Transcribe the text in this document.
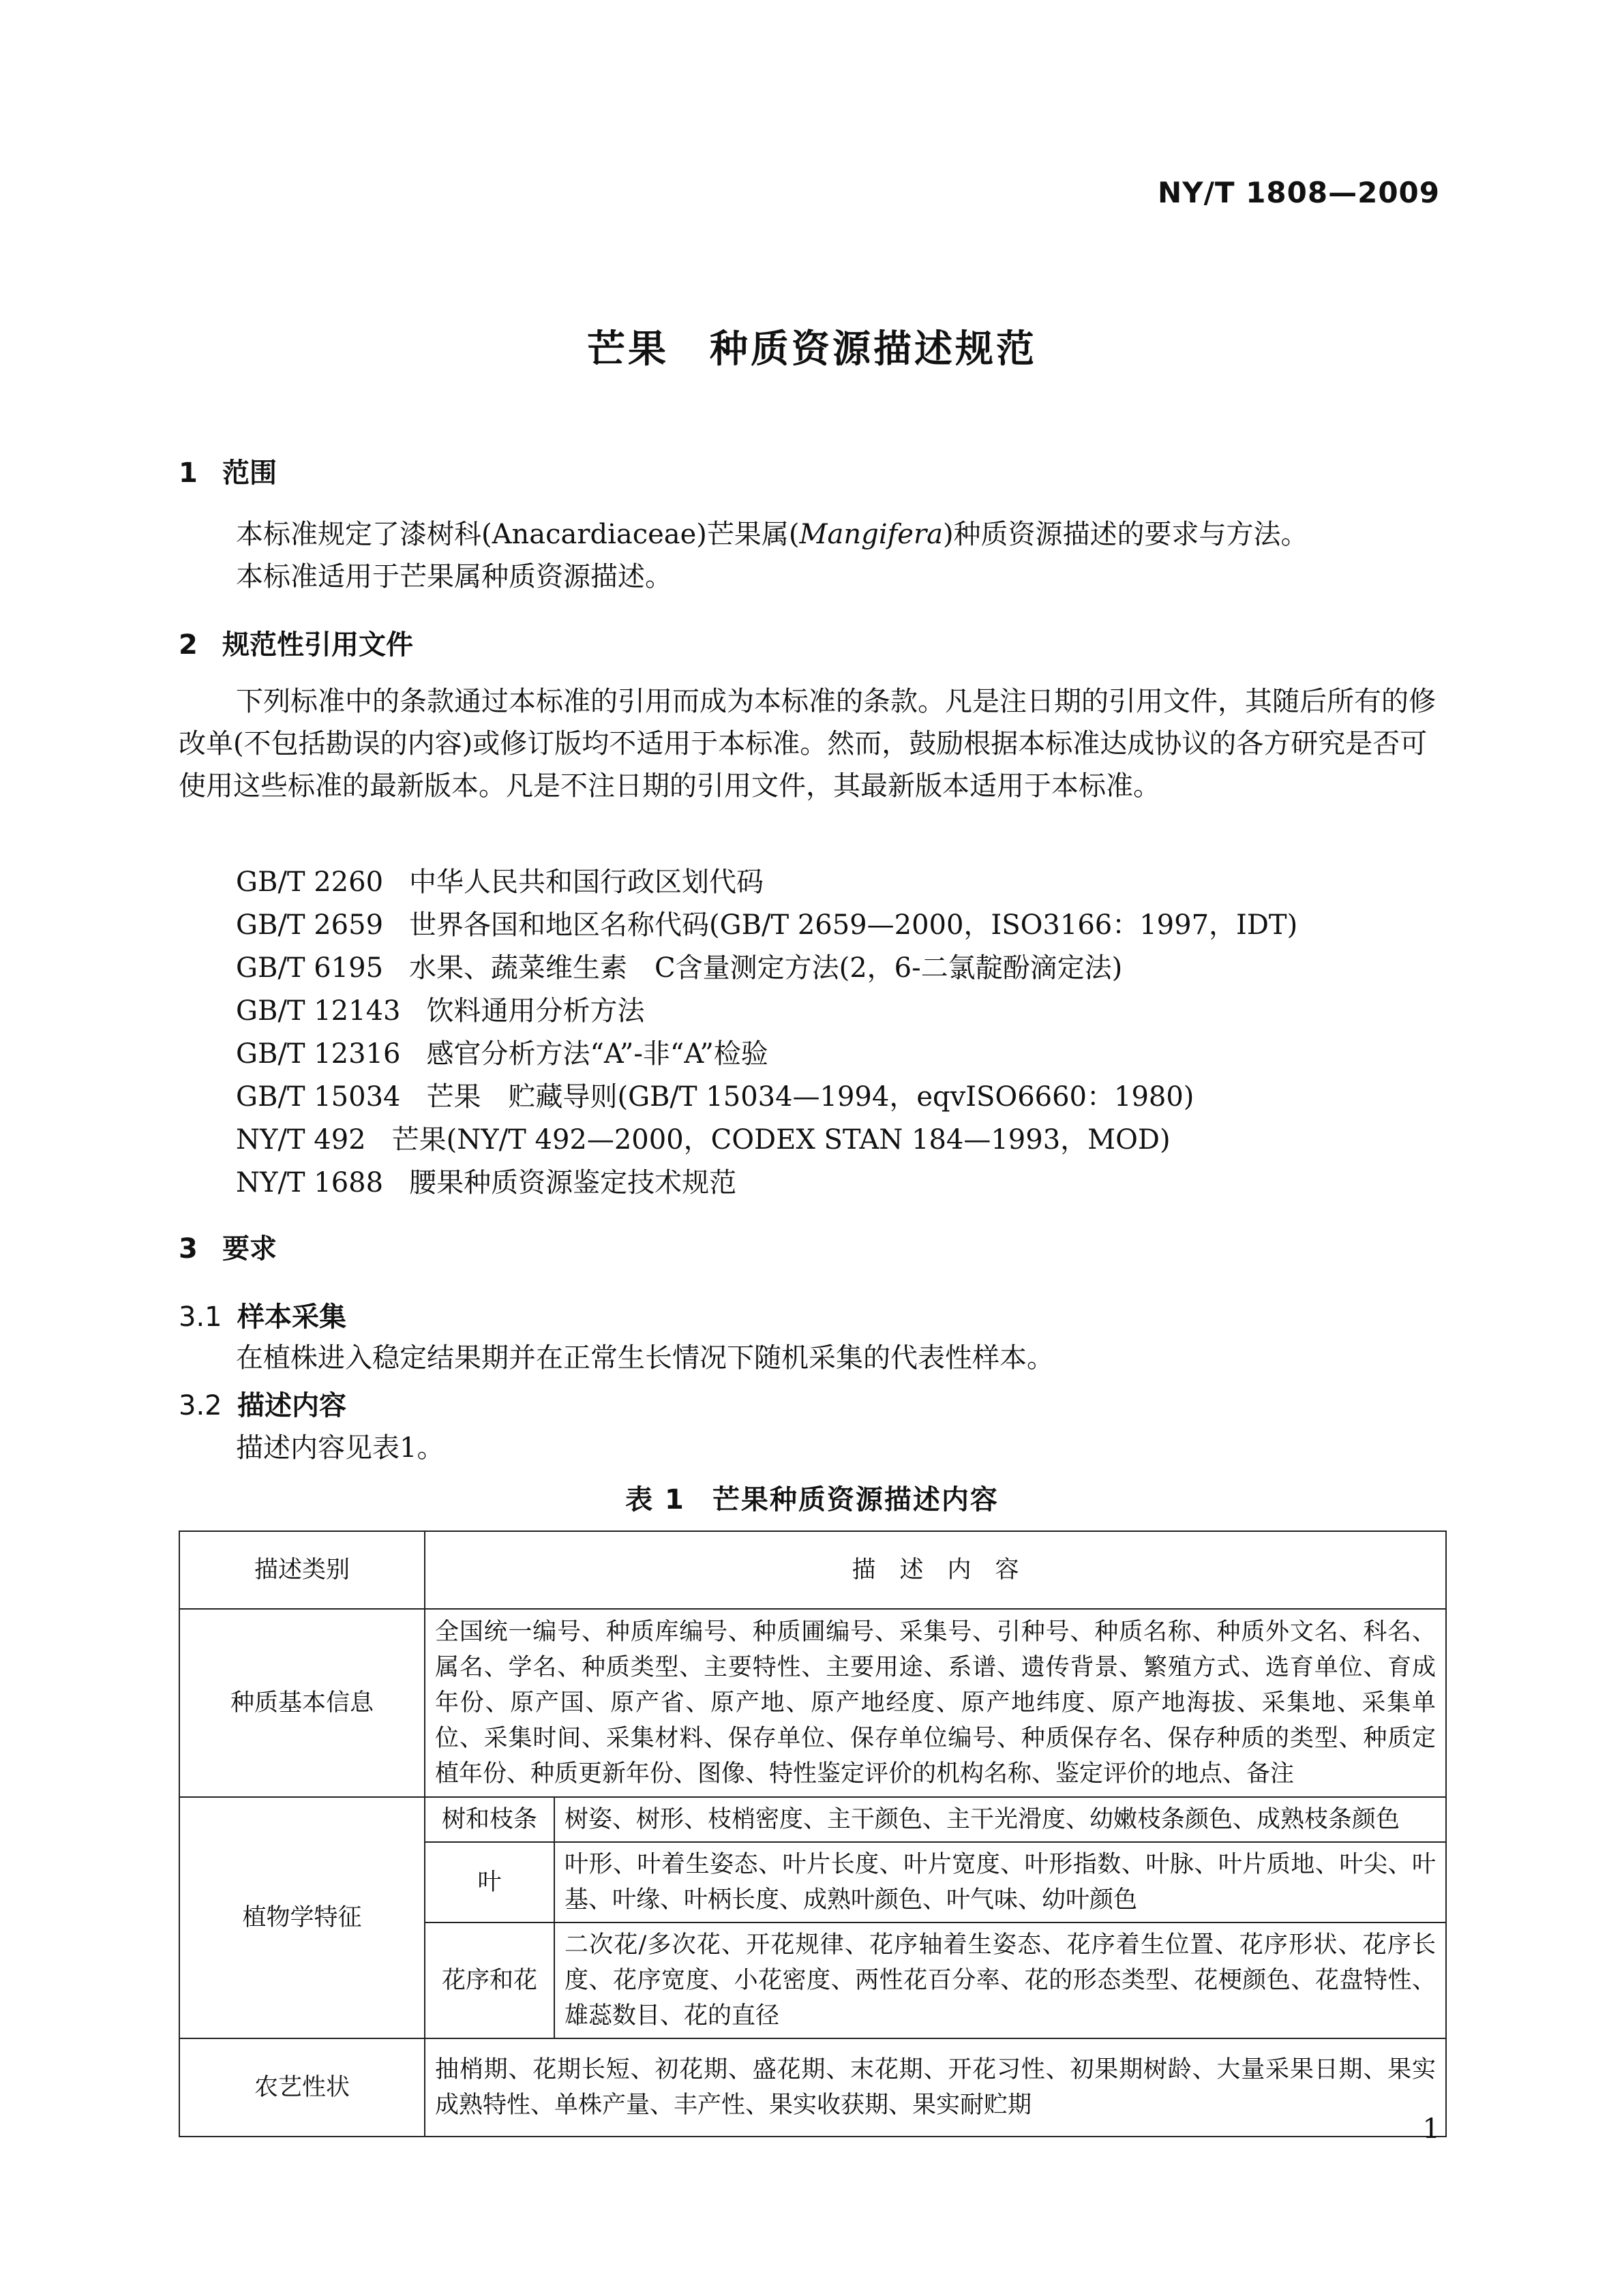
NY/T 1808—2009
芒果 种质资源描述规范
1 范围
本标准规定了漆树科(Anacardiaceae)芒果属(Mangifera)种质资源描述的要求与方法。
本标准适用于芒果属种质资源描述。
2 规范性引用文件
下列标准中的条款通过本标准的引用而成为本标准的条款。凡是注日期的引用文件，其随后所有的修改单(不包括勘误的内容)或修订版均不适用于本标准。然而，鼓励根据本标准达成协议的各方研究是否可使用这些标准的最新版本。凡是不注日期的引用文件，其最新版本适用于本标准。
GB/T 2260 中华人民共和国行政区划代码
GB/T 2659 世界各国和地区名称代码(GB/T 2659—2000，ISO3166：1997，IDT)
GB/T 6195 水果、蔬菜维生素　C含量测定方法(2，6-二氯靛酚滴定法)
GB/T 12143 饮料通用分析方法
GB/T 12316 感官分析方法“A”-非“A”检验
GB/T 15034 芒果　贮藏导则(GB/T 15034—1994，eqvISO6660：1980)
NY/T 492 芒果(NY/T 492—2000，CODEX STAN 184—1993，MOD)
NY/T 1688 腰果种质资源鉴定技术规范
3 要求
3.1 样本采集
在植株进入稳定结果期并在正常生长情况下随机采集的代表性样本。
3.2 描述内容
描述内容见表1。
表 1 芒果种质资源描述内容
描述类别	描　述　内　容	
种质基本信息	全国统一编号、种质库编号、种质圃编号、采集号、引种号、种质名称、种质外文名、科名、属名、学名、种质类型、主要特性、主要用途、系谱、遗传背景、繁殖方式、选育单位、育成年份、原产国、原产省、原产地、原产地经度、原产地纬度、原产地海拔、采集地、采集单位、采集时间、采集材料、保存单位、保存单位编号、种质保存名、保存种质的类型、种质定植年份、种质更新年份、图像、特性鉴定评价的机构名称、鉴定评价的地点、备注	
植物学特征	树和枝条	树姿、树形、枝梢密度、主干颜色、主干光滑度、幼嫩枝条颜色、成熟枝条颜色
	叶	叶形、叶着生姿态、叶片长度、叶片宽度、叶形指数、叶脉、叶片质地、叶尖、叶基、叶缘、叶柄长度、成熟叶颜色、叶气味、幼叶颜色
	花序和花	二次花/多次花、开花规律、花序轴着生姿态、花序着生位置、花序形状、花序长度、花序宽度、小花密度、两性花百分率、花的形态类型、花梗颜色、花盘特性、雄蕊数目、花的直径
农艺性状	抽梢期、花期长短、初花期、盛花期、末花期、开花习性、初果期树龄、大量采果日期、果实成熟特性、单株产量、丰产性、果实收获期、果实耐贮期	
1
